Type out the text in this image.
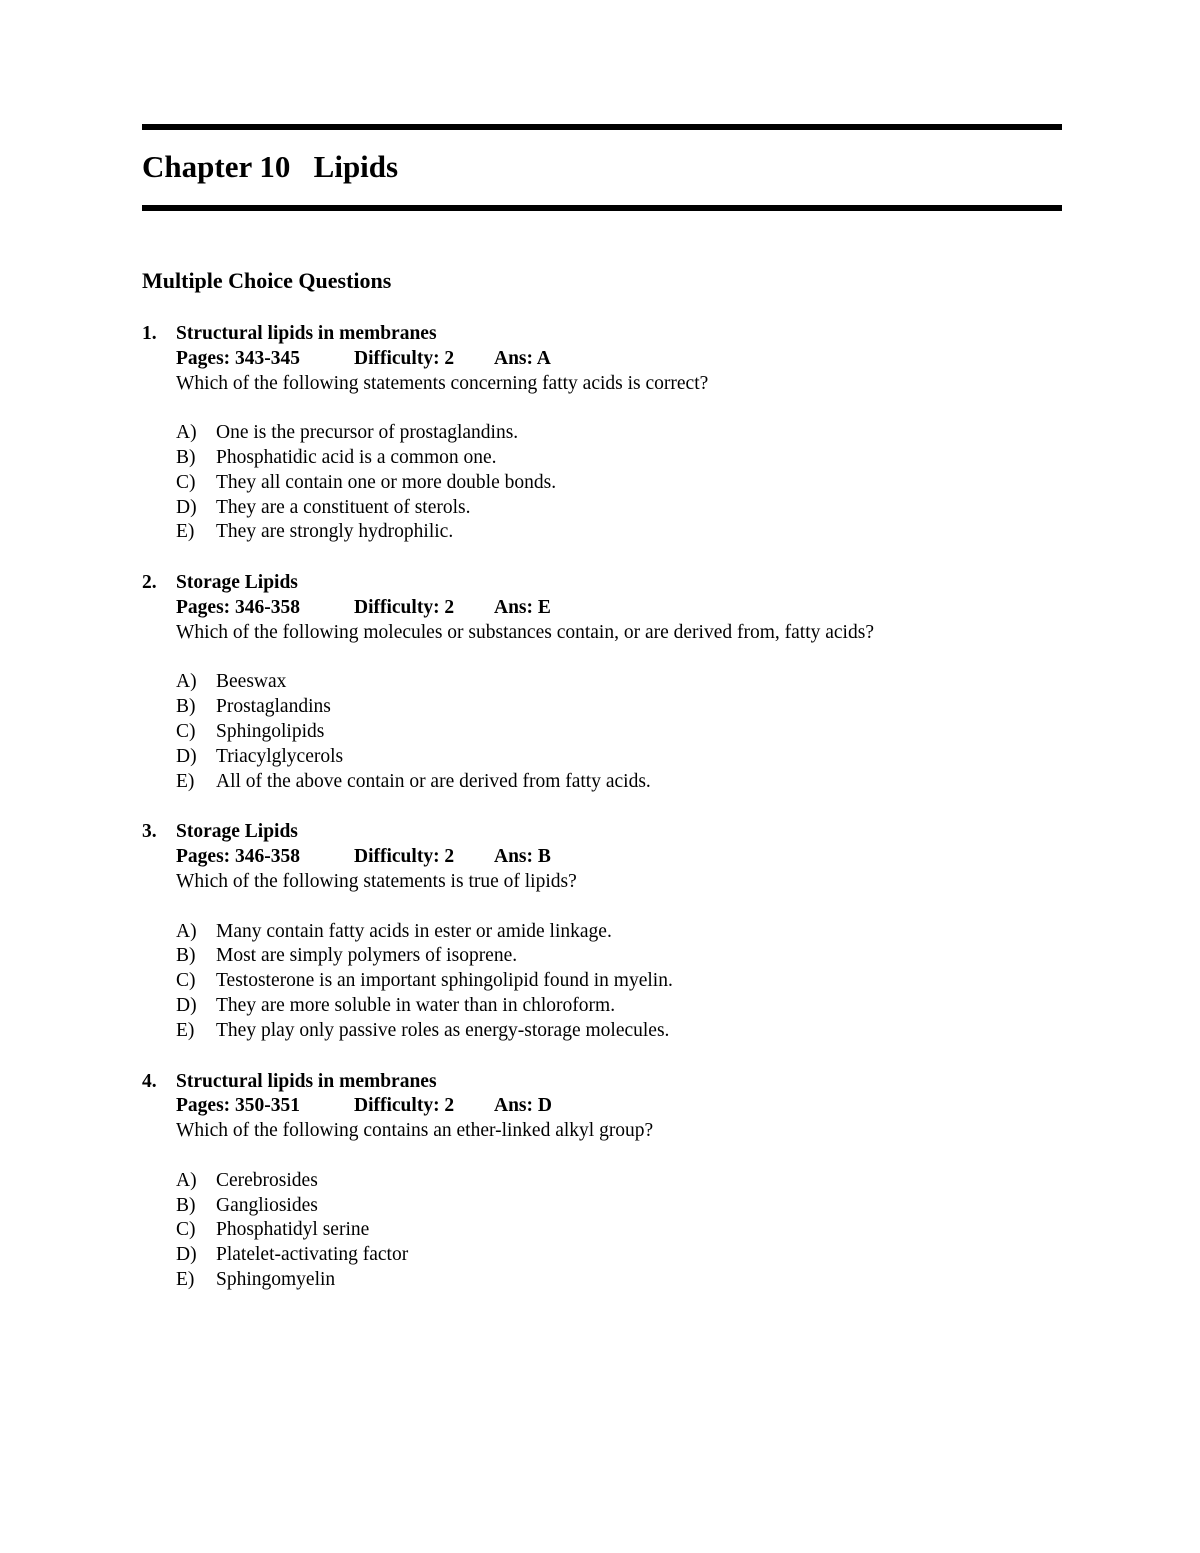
Chapter 10   Lipids
Multiple Choice Questions
1. Structural lipids in membranes
Pages: 343-345	Difficulty: 2	Ans: A
Which of the following statements concerning fatty acids is correct?
A) One is the precursor of prostaglandins.
B)	Phosphatidic acid is a common one.
C)	They all contain one or more double bonds.
D) They are a constituent of sterols.
E)	They are strongly hydrophilic.
2. Storage Lipids
Pages: 346-358	Difficulty: 2	Ans: E
Which of the following molecules or substances contain, or are derived from, fatty acids?
A) Beeswax
B)	Prostaglandins
C)	Sphingolipids
D) Triacylglycerols
E)	All of the above contain or are derived from fatty acids.
3. Storage Lipids
Pages: 346-358	Difficulty: 2	Ans: B
Which of the following statements is true of lipids?
A) Many contain fatty acids in ester or amide linkage.
B)	Most are simply polymers of isoprene.
C)	Testosterone is an important sphingolipid found in myelin.
D) They are more soluble in water than in chloroform.
E)	They play only passive roles as energy-storage molecules.
4. Structural lipids in membranes
Pages: 350-351	Difficulty: 2	Ans: D
Which of the following contains an ether-linked alkyl group?
A) Cerebrosides
B)	Gangliosides
C)	Phosphatidyl serine
D) Platelet-activating factor
E)	Sphingomyelin
